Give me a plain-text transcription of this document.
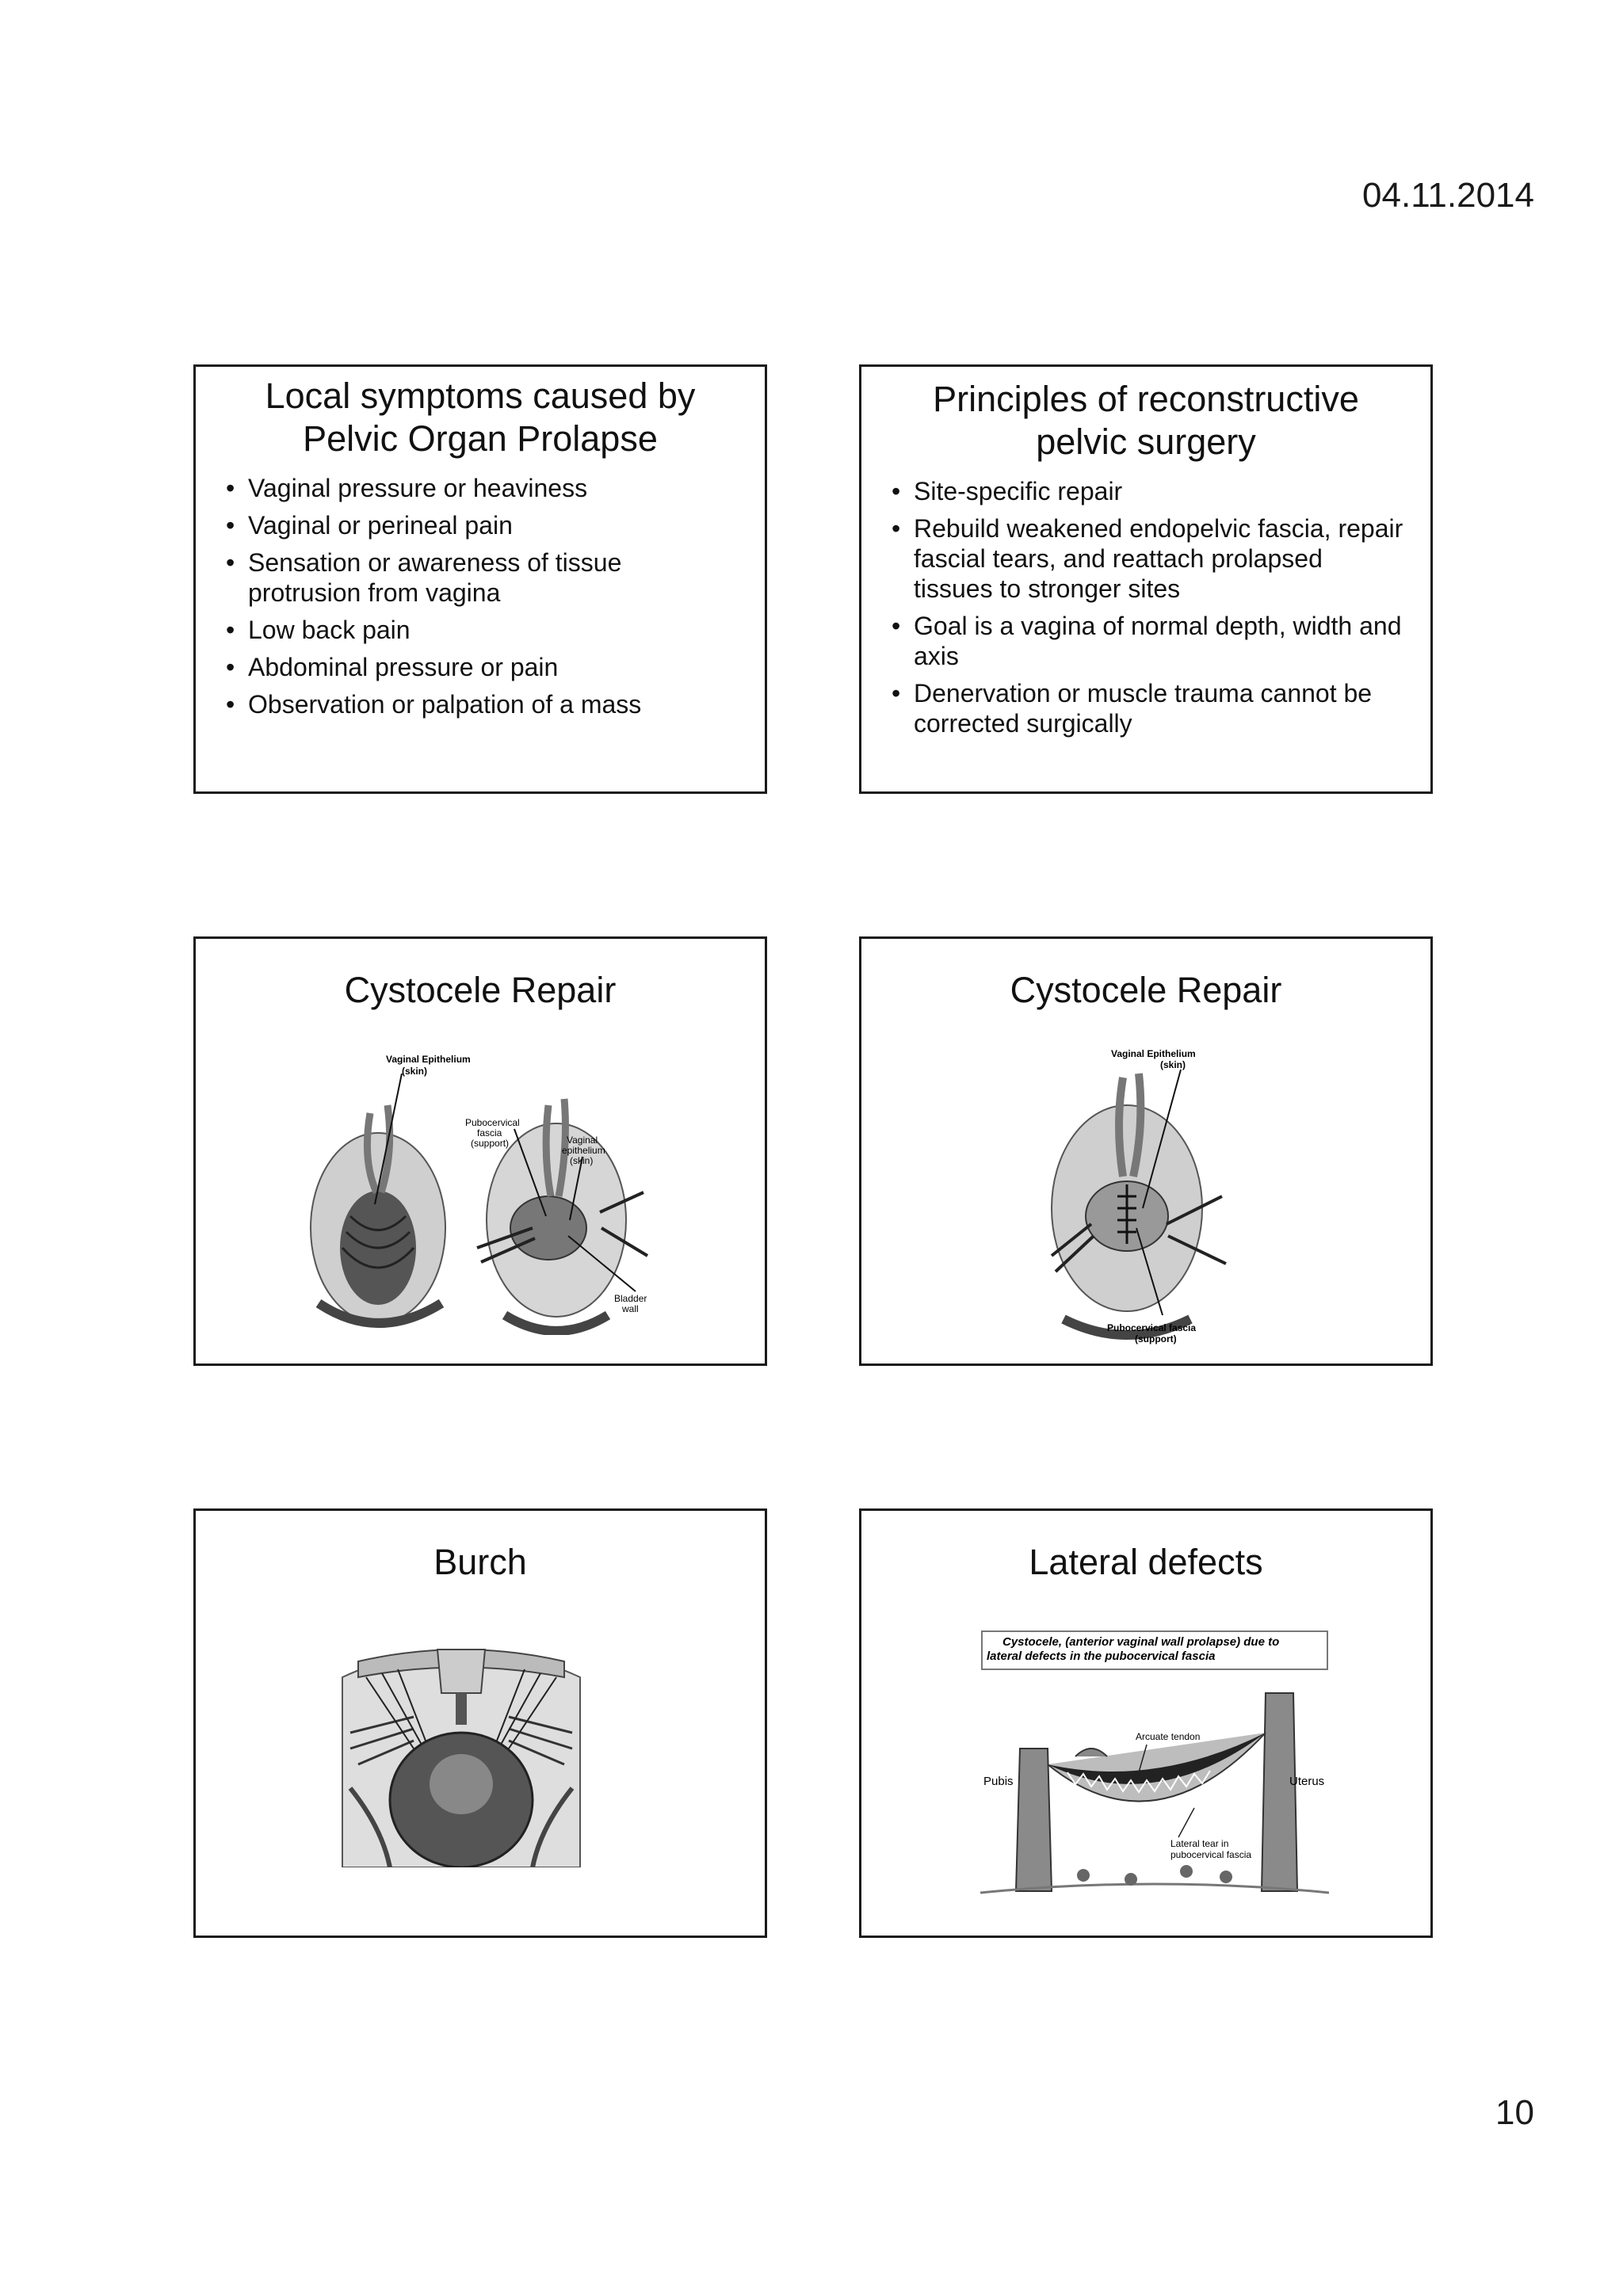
04.11.2014
Local symptoms caused by
Pelvic Organ Prolapse
• Vaginal pressure or heaviness
• Vaginal or perineal pain
• Sensation or awareness of tissue protrusion from vagina
• Low back pain
• Abdominal pressure or pain
• Observation or palpation of a mass
Principles of reconstructive
pelvic surgery
• Site-specific repair
• Rebuild weakened endopelvic fascia, repair fascial tears, and reattach prolapsed tissues to stronger sites
• Goal is a vagina of normal depth, width and axis
• Denervation or muscle trauma cannot be corrected surgically
Cystocele Repair
Vaginal Epithelium
(skin)
Pubocervical
fascia
(support)	Vaginal
epithelium
(skin)
Bladder
wall
Cystocele Repair
Vaginal Epithelium
(skin)
Pubocervical fascia
(support)
Burch	Lateral defects
Cystocele, (anterior vaginal wall prolapse) due to
lateral defects in the pubocervical fascia
Arcuate tendon
Pubis	Uterus
Lateral tear in
pubocervical fascia
10
